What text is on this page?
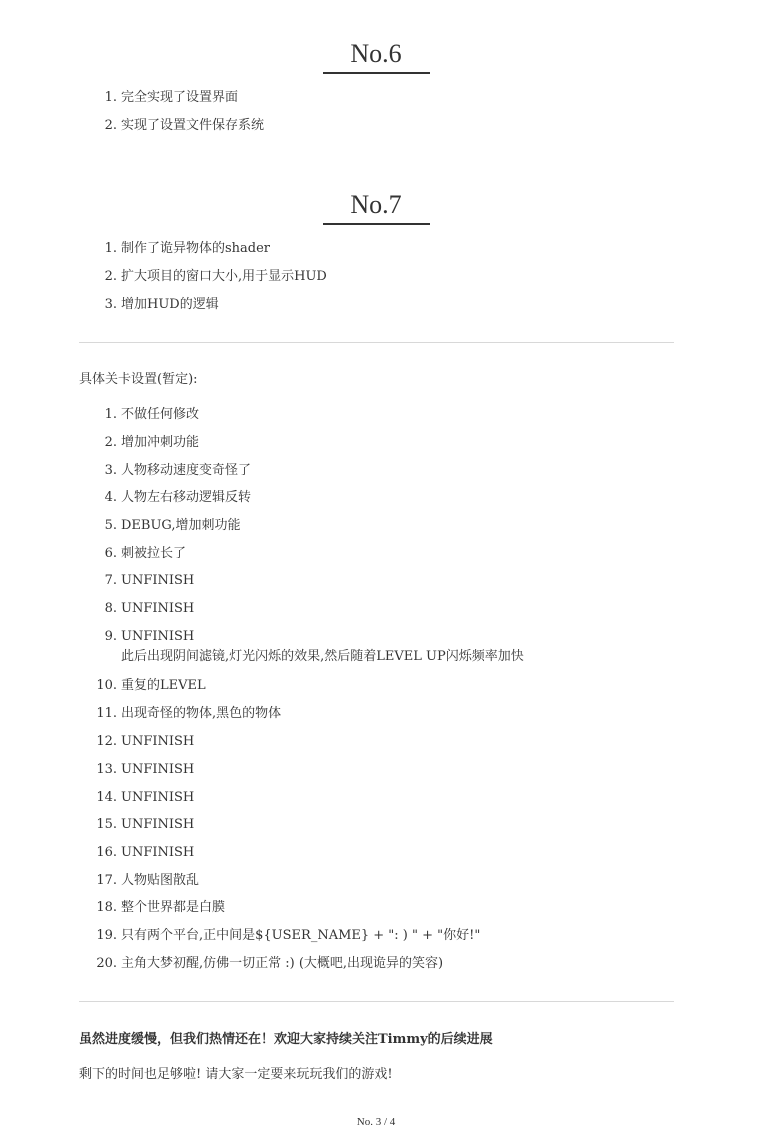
No.6
1. 完全实现了设置界面
2. 实现了设置文件保存系统
No.7
1. 制作了诡异物体的shader
2. 扩大项目的窗口大小,用于显示HUD
3. 增加HUD的逻辑

具体关卡设置(暂定):

1. 不做任何修改
2. 增加冲刺功能
3. 人物移动速度变奇怪了
4. 人物左右移动逻辑反转
5. DEBUG,增加刺功能
6. 刺被拉长了
7. UNFINISH
8. UNFINISH
9. UNFINISH
此后出现阴间滤镜,灯光闪烁的效果,然后随着LEVEL UP闪烁频率加快
10. 重复的LEVEL
11. 出现奇怪的物体,黑色的物体
12. UNFINISH
13. UNFINISH
14. UNFINISH
15. UNFINISH
16. UNFINISH
17. 人物贴图散乱
18. 整个世界都是白膜
19. 只有两个平台,正中间是${USER_NAME} + ": ) " + "你好!"
20. 主角大梦初醒,仿佛一切正常 :) (大概吧,出现诡异的笑容)

虽然进度缓慢，但我们热情还在！欢迎大家持续关注Timmy的后续进展

剩下的时间也足够啦! 请大家一定要来玩玩我们的游戏!

No. 3 / 4
